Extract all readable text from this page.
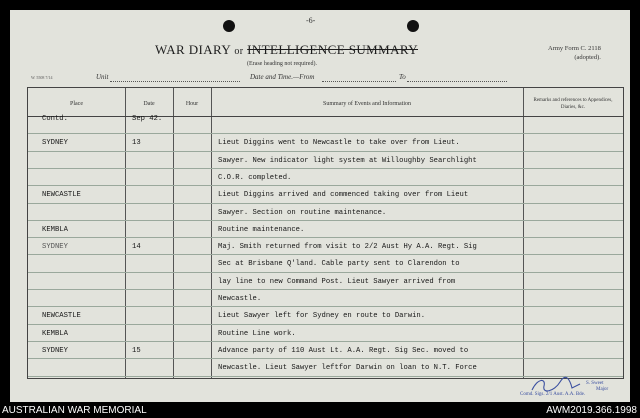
-6-
WAR DIARY or INTELLIGENCE SUMMARY
(Erase heading not required).
Army Form C. 2118
(adopted).
W. 5508 7/14	Unit	Date and Time.—From	To
Place	Date	Hour	Summary of Events and Information
Remarks and references to Appendices, Diaries, &c.
Contd.	Sep 42.
SYDNEY	13	Lieut Diggins went to Newcastle to take over from Lieut.
Sawyer. New indicator light system at Willoughby Searchlight
C.O.R. completed.
NEWCASTLE	Lieut Diggins arrived and commenced taking over from Lieut
Sawyer. Section on routine maintenance.
KEMBLA	Routine maintenance.
SYDNEY	14	Maj. Smith returned from visit to 2/2 Aust Hy A.A. Regt. Sig
Sec at Brisbane Q'land. Cable party sent to Clarendon to
lay line to new Command Post. Lieut Sawyer arrived from
Newcastle.
NEWCASTLE	Lieut Sawyer left for Sydney en route to Darwin.
KEMBLA	Routine Line work.
SYDNEY	15	Advance party of 110 Aust Lt. A.A. Regt. Sig Sec. moved to
Newcastle. Lieut Sawyer leftfor Darwin on loan to N.T. Force
S. Sweet
Major
Comd. Sigs. 2/1 Aust. A.A. Bde.
AUSTRALIAN WAR MEMORIAL	AWM2019.366.1998
